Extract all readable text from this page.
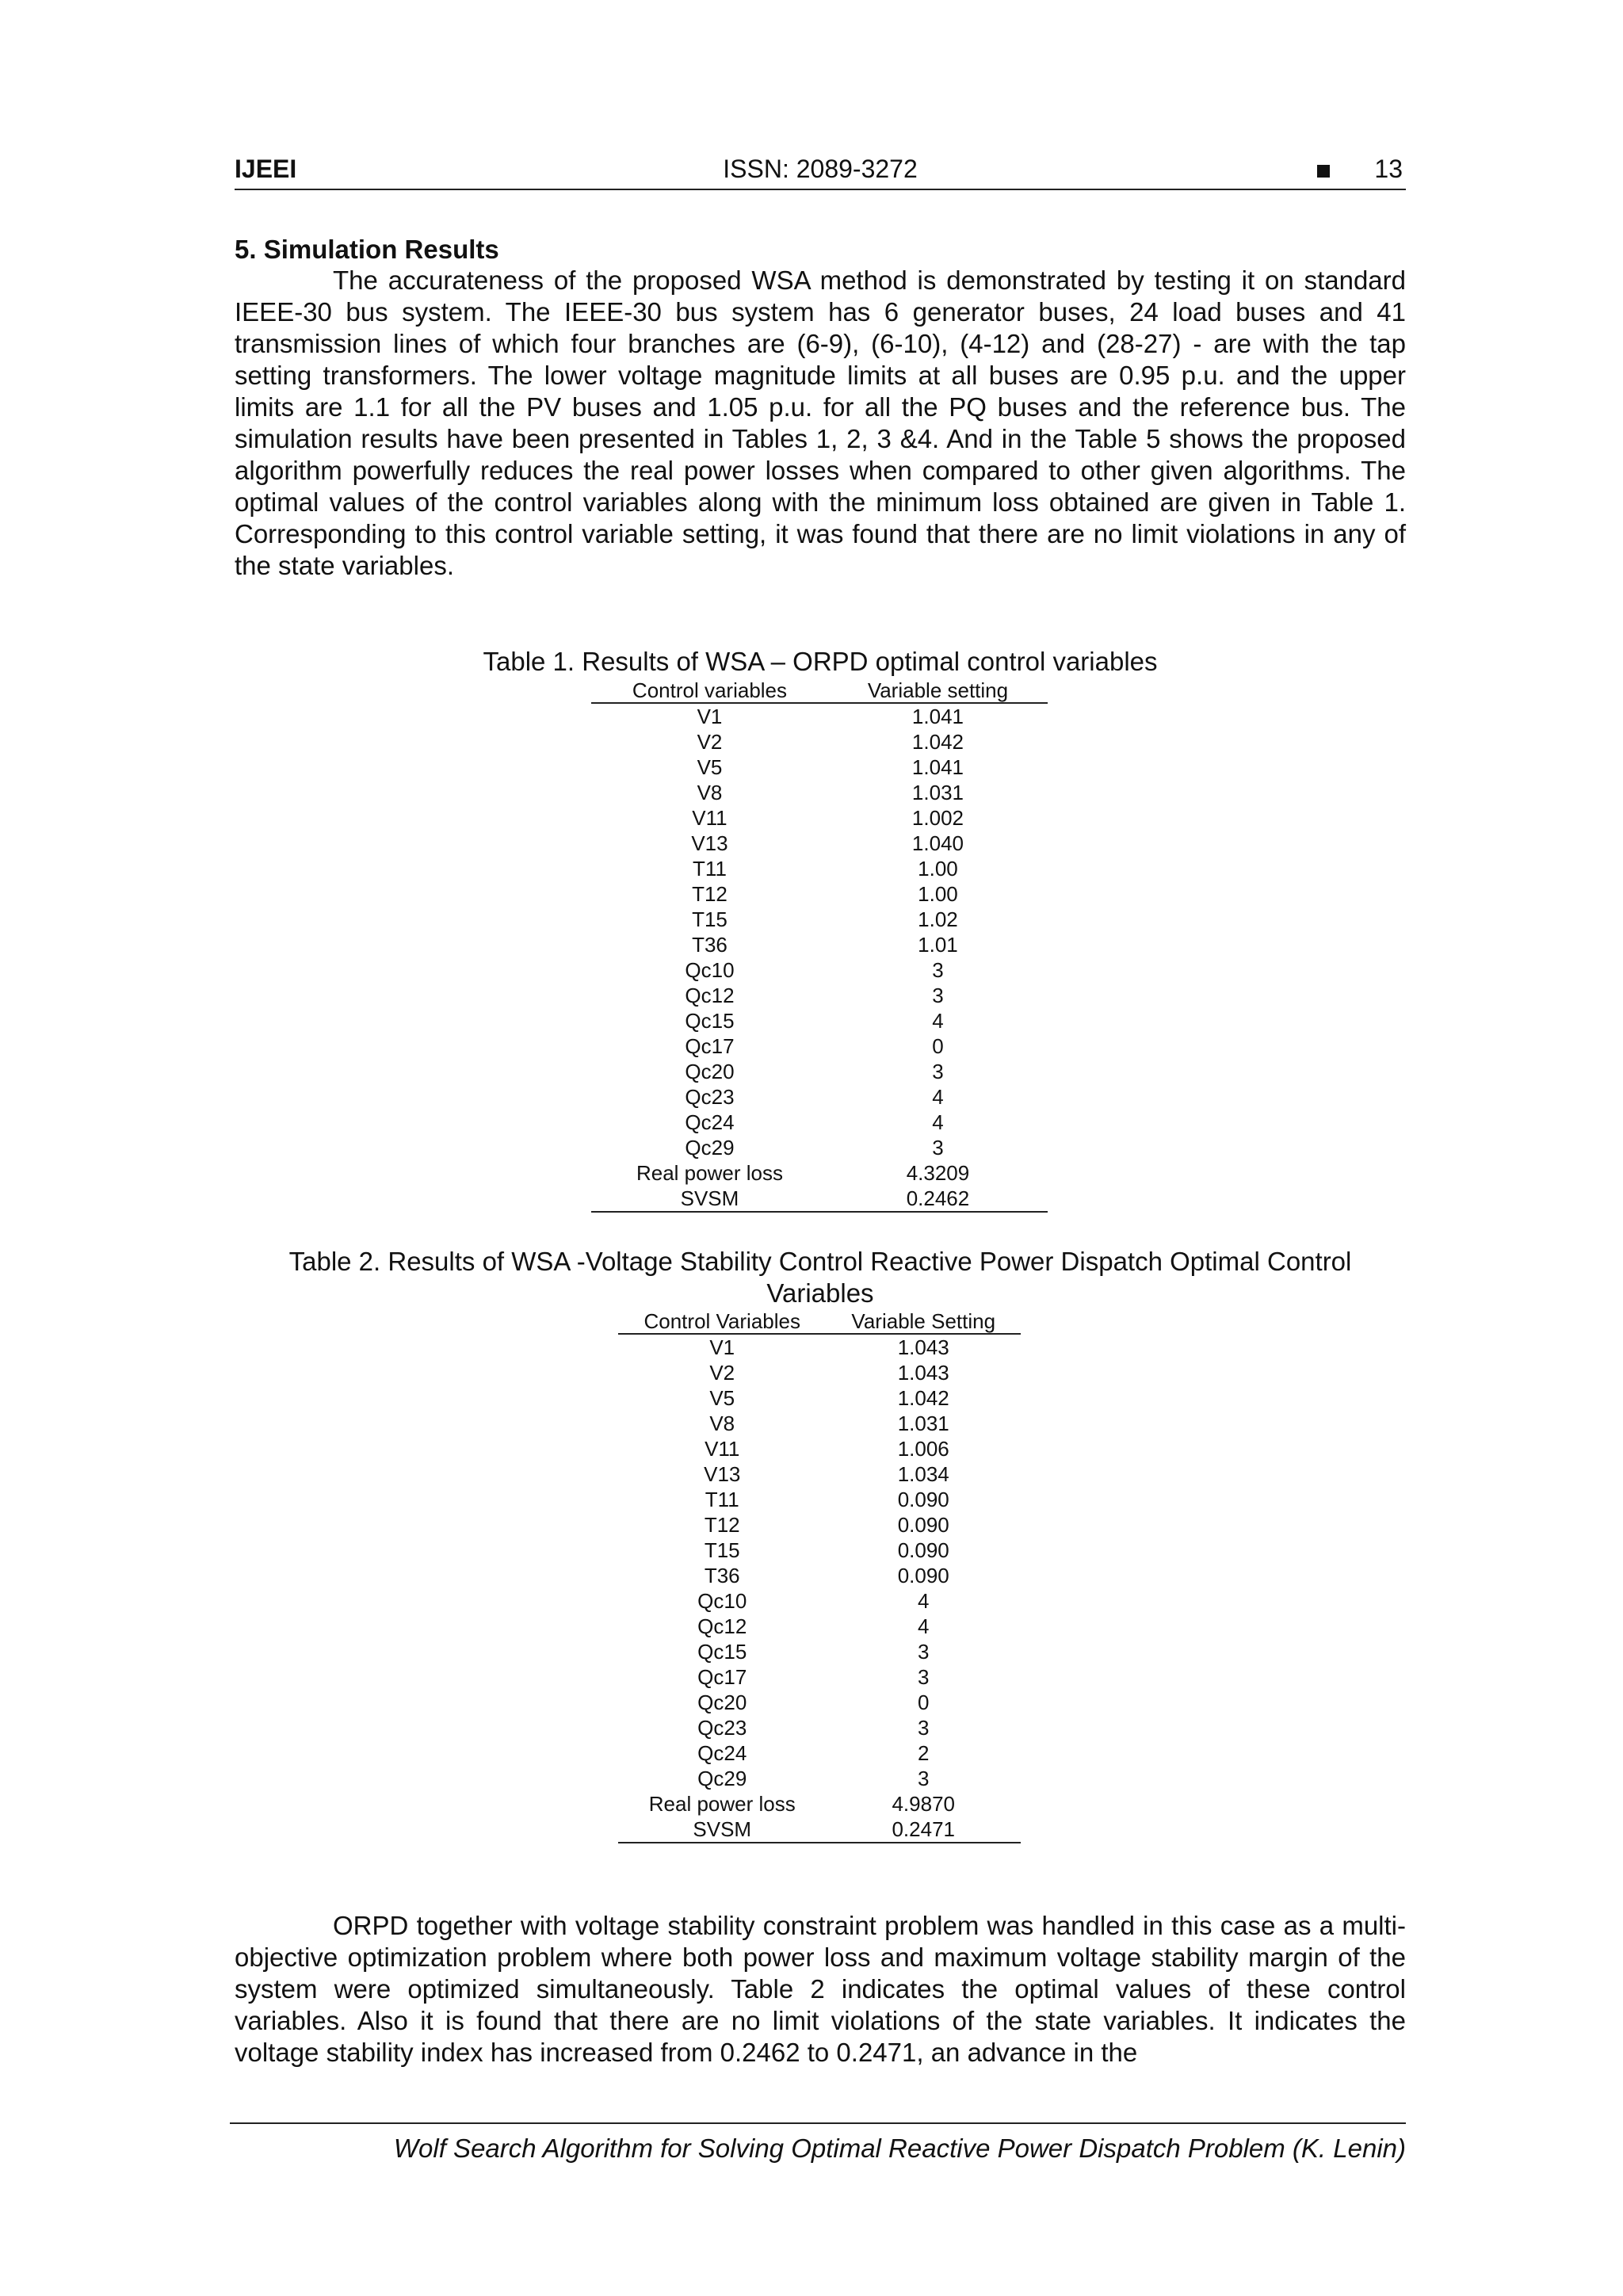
IJEEI	ISSN: 2089-3272	13
5. Simulation Results

The accurateness of the proposed WSA method is demonstrated by testing it on standard IEEE-30 bus system. The IEEE-30 bus system has 6 generator buses, 24 load buses and 41 transmission lines of which four branches are (6-9), (6-10), (4-12) and (28-27) - are with the tap setting transformers. The lower voltage magnitude limits at all buses are 0.95 p.u. and the upper limits are 1.1 for all the PV buses and 1.05 p.u. for all the PQ buses and the reference bus. The simulation results have been presented in Tables 1, 2, 3 &4. And in the Table 5 shows the proposed algorithm powerfully reduces the real power losses when compared to other given algorithms. The optimal values of the control variables along with the minimum loss obtained are given in Table 1. Corresponding to this control variable setting, it was found that there are no limit violations in any of the state variables.

Table 1. Results of WSA – ORPD optimal control variables

Control variables	Variable setting
V1	1.041
V2	1.042
V5	1.041
V8	1.031
V11	1.002
V13	1.040
T11	1.00
T12	1.00
T15	1.02
T36	1.01
Qc10	3
Qc12	3
Qc15	4
Qc17	0
Qc20	3
Qc23	4
Qc24	4
Qc29	3
Real power loss	4.3209
SVSM	0.2462

Table 2. Results of WSA -Voltage Stability Control Reactive Power Dispatch Optimal Control Variables

Control Variables	Variable Setting
V1	1.043
V2	1.043
V5	1.042
V8	1.031
V11	1.006
V13	1.034
T11	0.090
T12	0.090
T15	0.090
T36	0.090
Qc10	4
Qc12	4
Qc15	3
Qc17	3
Qc20	0
Qc23	3
Qc24	2
Qc29	3
Real power loss	4.9870
SVSM	0.2471

ORPD together with voltage stability constraint problem was handled in this case as a multi-objective optimization problem where both power loss and maximum voltage stability margin of the system were optimized simultaneously. Table 2 indicates the optimal values of these control variables. Also it is found that there are no limit violations of the state variables. It indicates the voltage stability index has increased from 0.2462 to 0.2471, an advance in the

Wolf Search Algorithm for Solving Optimal Reactive Power Dispatch Problem (K. Lenin)
